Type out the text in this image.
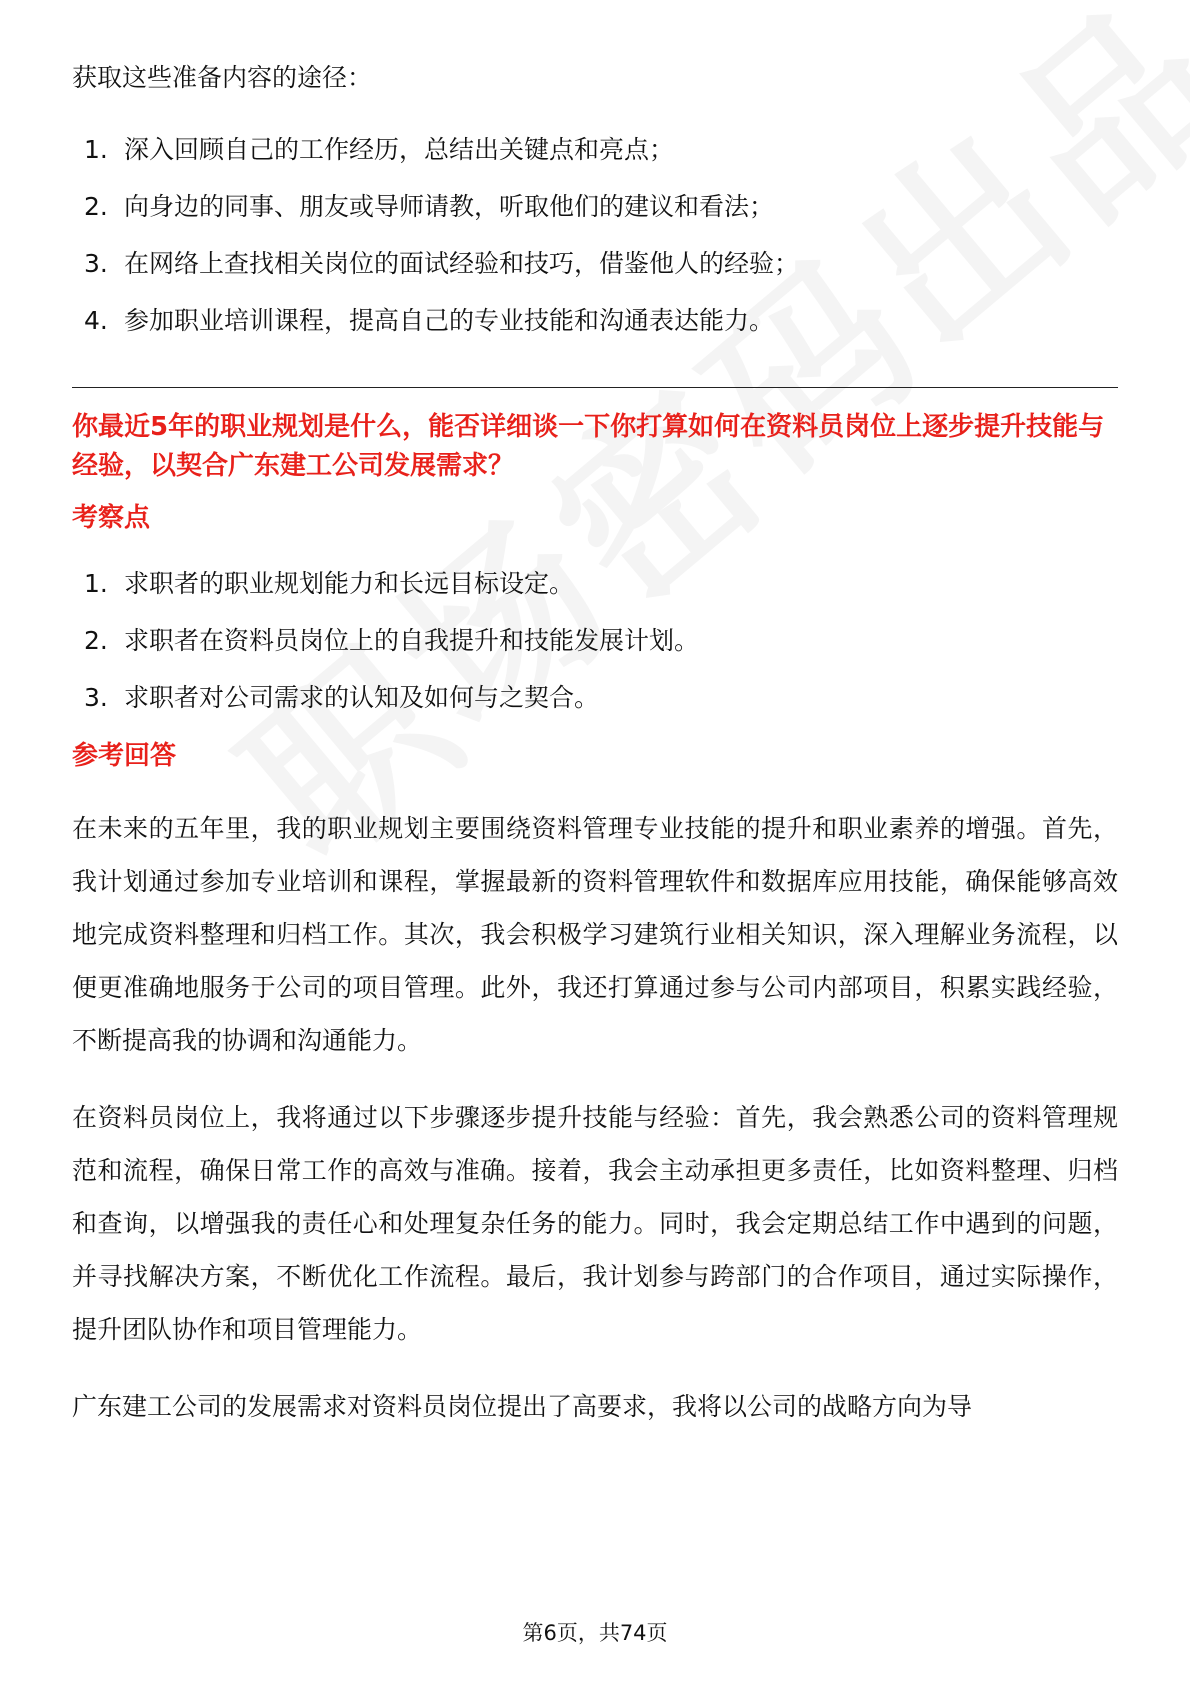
获取这些准备内容的途径：

1. 深入回顾自己的工作经历，总结出关键点和亮点；
2. 向身边的同事、朋友或导师请教，听取他们的建议和看法；
3. 在网络上查找相关岗位的面试经验和技巧，借鉴他人的经验；
4. 参加职业培训课程，提高自己的专业技能和沟通表达能力。
你最近5年的职业规划是什么，能否详细谈一下你打算如何在资料员岗位上逐步提升技能与经验，以契合广东建工公司发展需求？
考察点
1. 求职者的职业规划能力和长远目标设定。
2. 求职者在资料员岗位上的自我提升和技能发展计划。
3. 求职者对公司需求的认知及如何与之契合。
参考回答

在未来的五年里，我的职业规划主要围绕资料管理专业技能的提升和职业素养的增强。首先，我计划通过参加专业培训和课程，掌握最新的资料管理软件和数据库应用技能，确保能够高效地完成资料整理和归档工作。其次，我会积极学习建筑行业相关知识，深入理解业务流程，以便更准确地服务于公司的项目管理。此外，我还打算通过参与公司内部项目，积累实践经验，不断提高我的协调和沟通能力。

在资料员岗位上，我将通过以下步骤逐步提升技能与经验：首先，我会熟悉公司的资料管理规范和流程，确保日常工作的高效与准确。接着，我会主动承担更多责任，比如资料整理、归档和查询，以增强我的责任心和处理复杂任务的能力。同时，我会定期总结工作中遇到的问题，并寻找解决方案，不断优化工作流程。最后，我计划参与跨部门的合作项目，通过实际操作，提升团队协作和项目管理能力。

广东建工公司的发展需求对资料员岗位提出了高要求，我将以公司的战略方向为导

第6页，共74页
